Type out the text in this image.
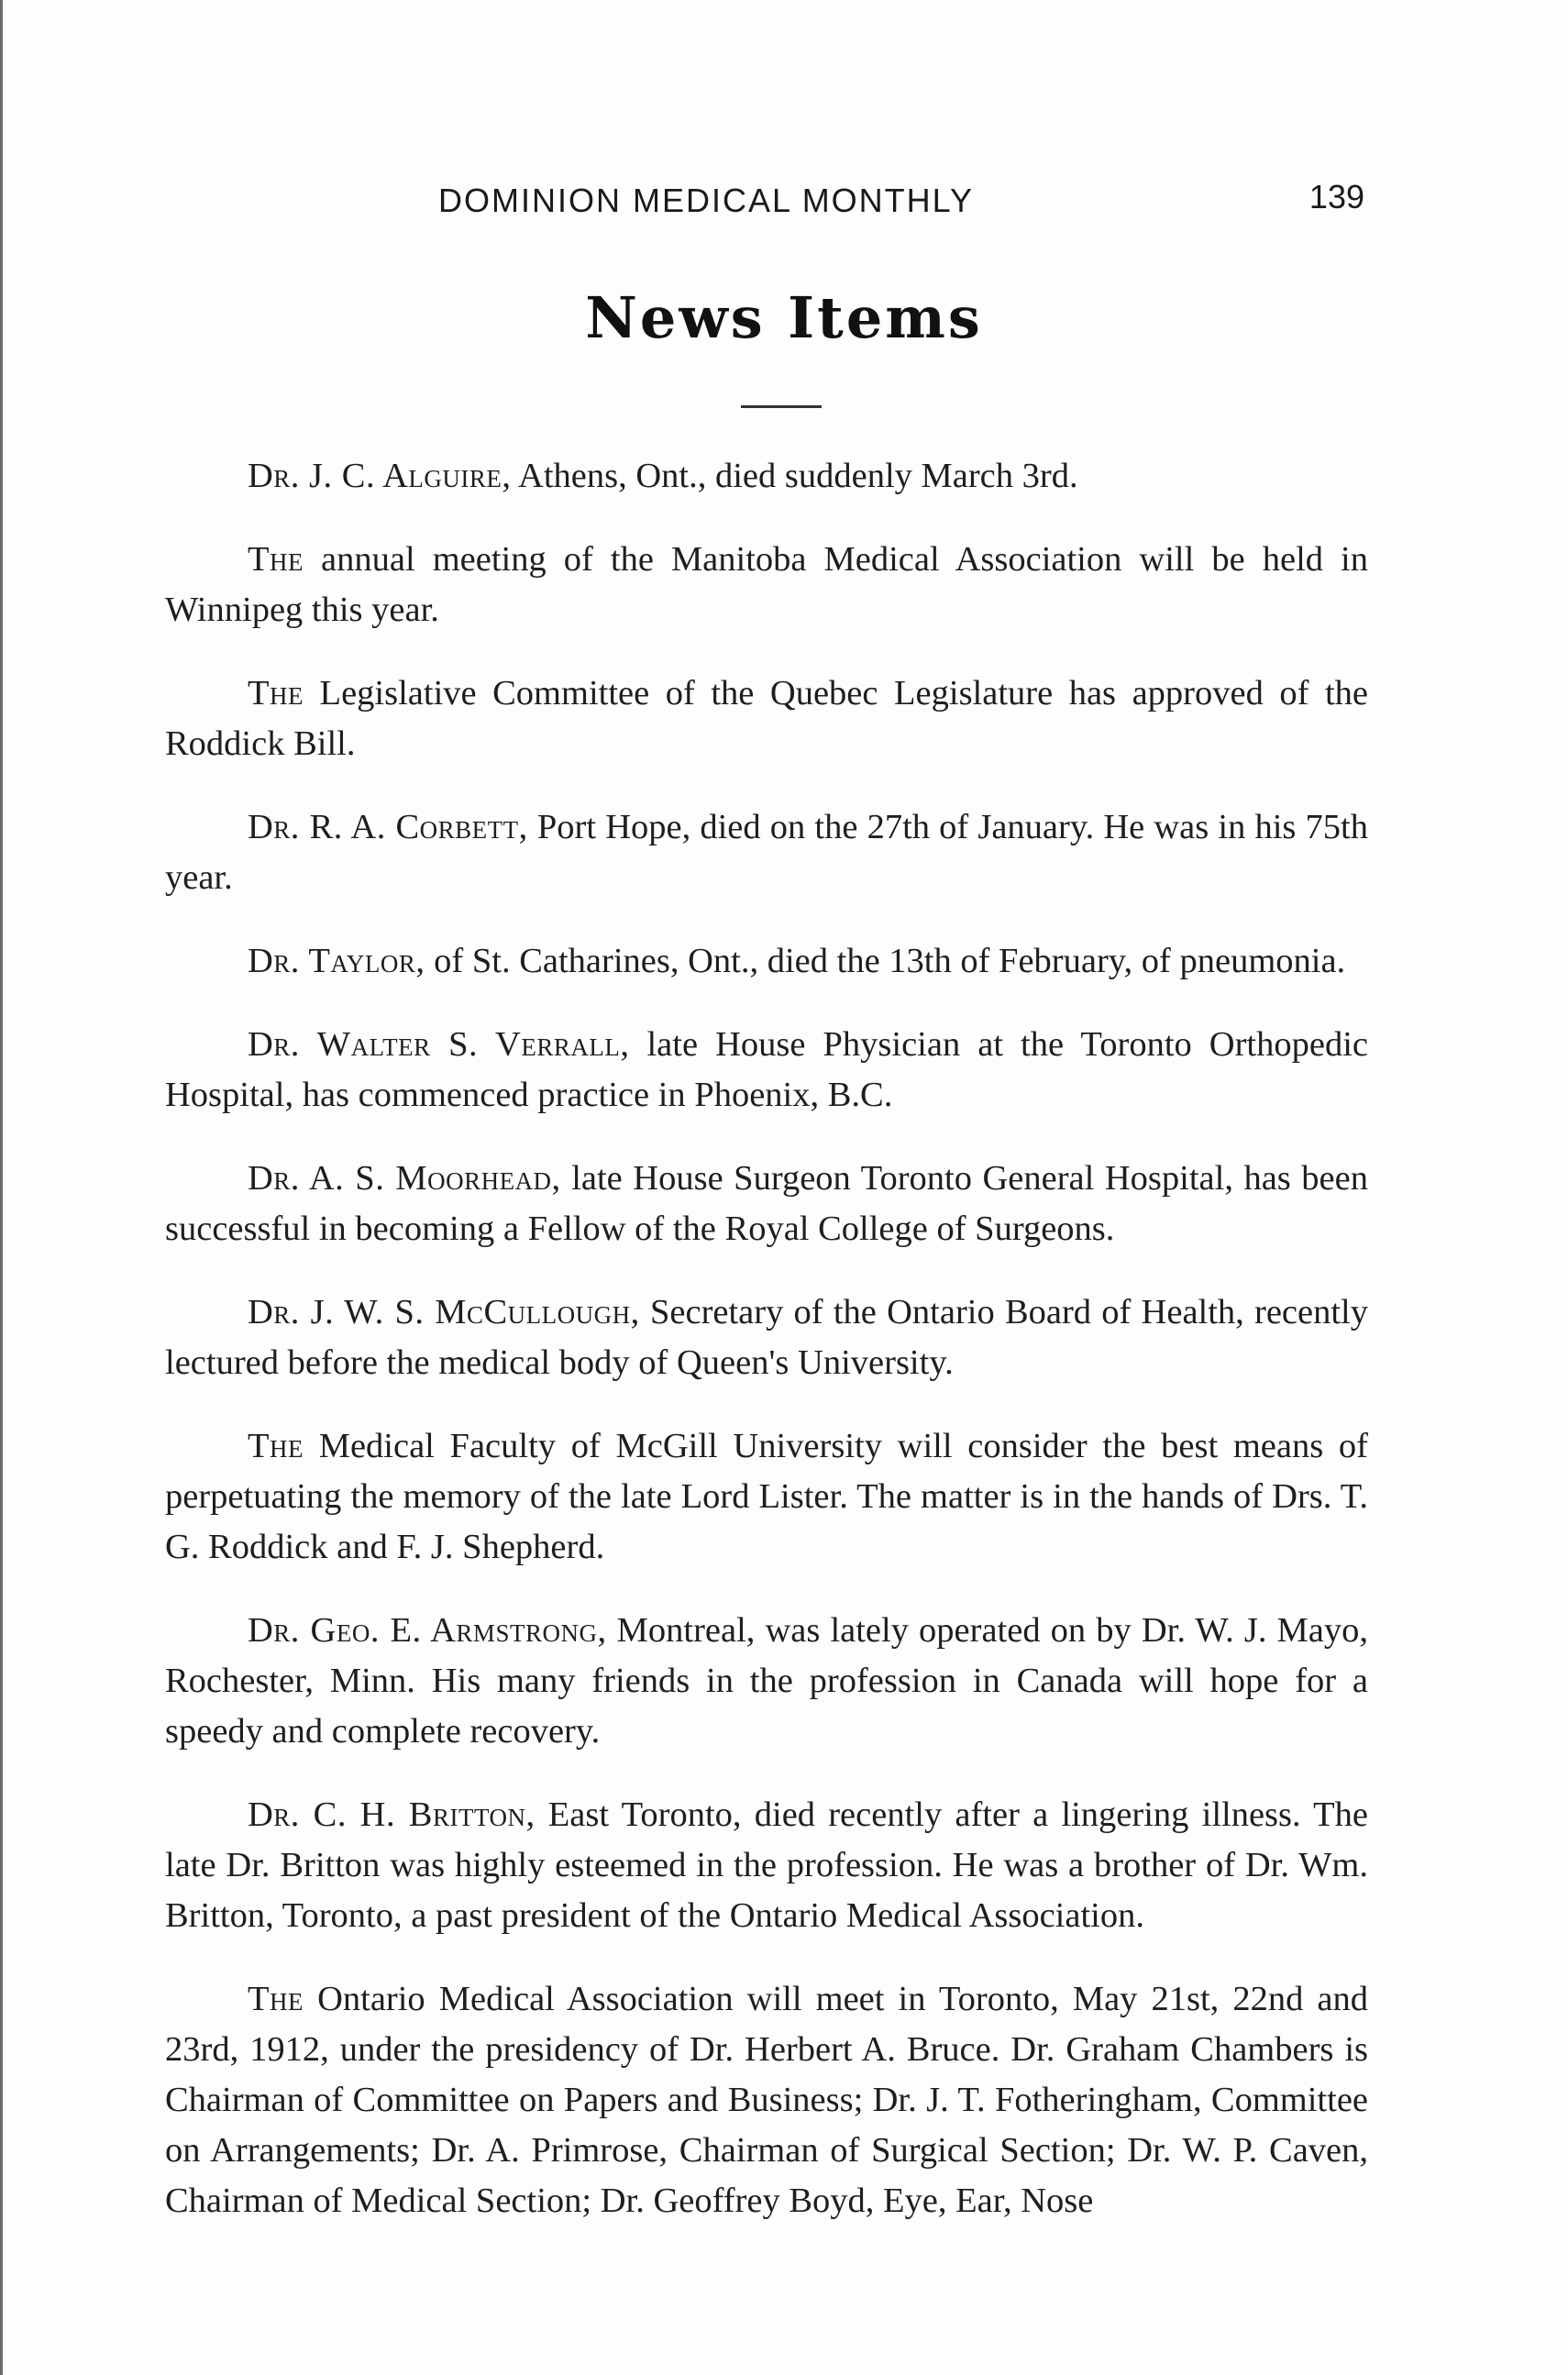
DOMINION MEDICAL MONTHLY	139
News Items

Dr. J. C. Alguire, Athens, Ont., died suddenly March 3rd.

The annual meeting of the Manitoba Medical Association will be held in Winnipeg this year.

The Legislative Committee of the Quebec Legislature has approved of the Roddick Bill.

Dr. R. A. Corbett, Port Hope, died on the 27th of January. He was in his 75th year.

Dr. Taylor, of St. Catharines, Ont., died the 13th of February, of pneumonia.

Dr. Walter S. Verrall, late House Physician at the Toronto Orthopedic Hospital, has commenced practice in Phoenix, B.C.

Dr. A. S. Moorhead, late House Surgeon Toronto General Hospital, has been successful in becoming a Fellow of the Royal College of Surgeons.

Dr. J. W. S. McCullough, Secretary of the Ontario Board of Health, recently lectured before the medical body of Queen's University.

The Medical Faculty of McGill University will consider the best means of perpetuating the memory of the late Lord Lister. The matter is in the hands of Drs. T. G. Roddick and F. J. Shepherd.

Dr. Geo. E. Armstrong, Montreal, was lately operated on by Dr. W. J. Mayo, Rochester, Minn. His many friends in the profession in Canada will hope for a speedy and complete recovery.

Dr. C. H. Britton, East Toronto, died recently after a lingering illness. The late Dr. Britton was highly esteemed in the profession. He was a brother of Dr. Wm. Britton, Toronto, a past president of the Ontario Medical Association.

The Ontario Medical Association will meet in Toronto, May 21st, 22nd and 23rd, 1912, under the presidency of Dr. Herbert A. Bruce. Dr. Graham Chambers is Chairman of Committee on Papers and Business; Dr. J. T. Fotheringham, Committee on Arrangements; Dr. A. Primrose, Chairman of Surgical Section; Dr. W. P. Caven, Chairman of Medical Section; Dr. Geoffrey Boyd, Eye, Ear, Nose
